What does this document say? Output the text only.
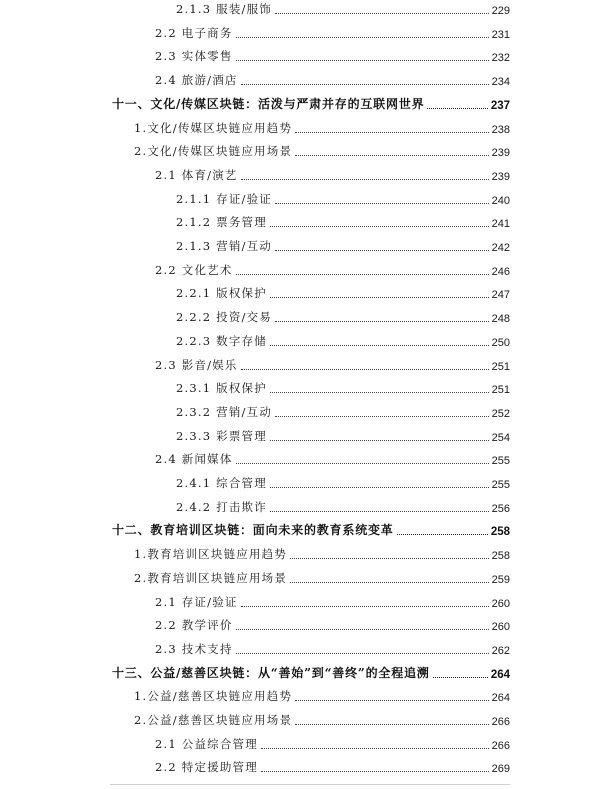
2.1.3 服装/服饰	229
2.2 电子商务	231
2.3 实体零售	232
2.4 旅游/酒店	234
十一、文化/传媒区块链：活泼与严肃并存的互联网世界	237
1.文化/传媒区块链应用趋势	238
2.文化/传媒区块链应用场景	239
2.1 体育/演艺	239
2.1.1 存证/验证	240
2.1.2 票务管理	241
2.1.3 营销/互动	242
2.2 文化艺术	246
2.2.1 版权保护	247
2.2.2 投资/交易	248
2.2.3 数字存储	250
2.3 影音/娱乐	251
2.3.1 版权保护	251
2.3.2 营销/互动	252
2.3.3 彩票管理	254
2.4 新闻媒体	255
2.4.1 综合管理	255
2.4.2 打击欺诈	256
十二、教育培训区块链：面向未来的教育系统变革	258
1.教育培训区块链应用趋势	258
2.教育培训区块链应用场景	259
2.1 存证/验证	260
2.2 教学评价	260
2.3 技术支持	262
十三、公益/慈善区块链：从“善始”到“善终”的全程追溯	264
1.公益/慈善区块链应用趋势	264
2.公益/慈善区块链应用场景	266
2.1 公益综合管理	266
2.2 特定援助管理	269
